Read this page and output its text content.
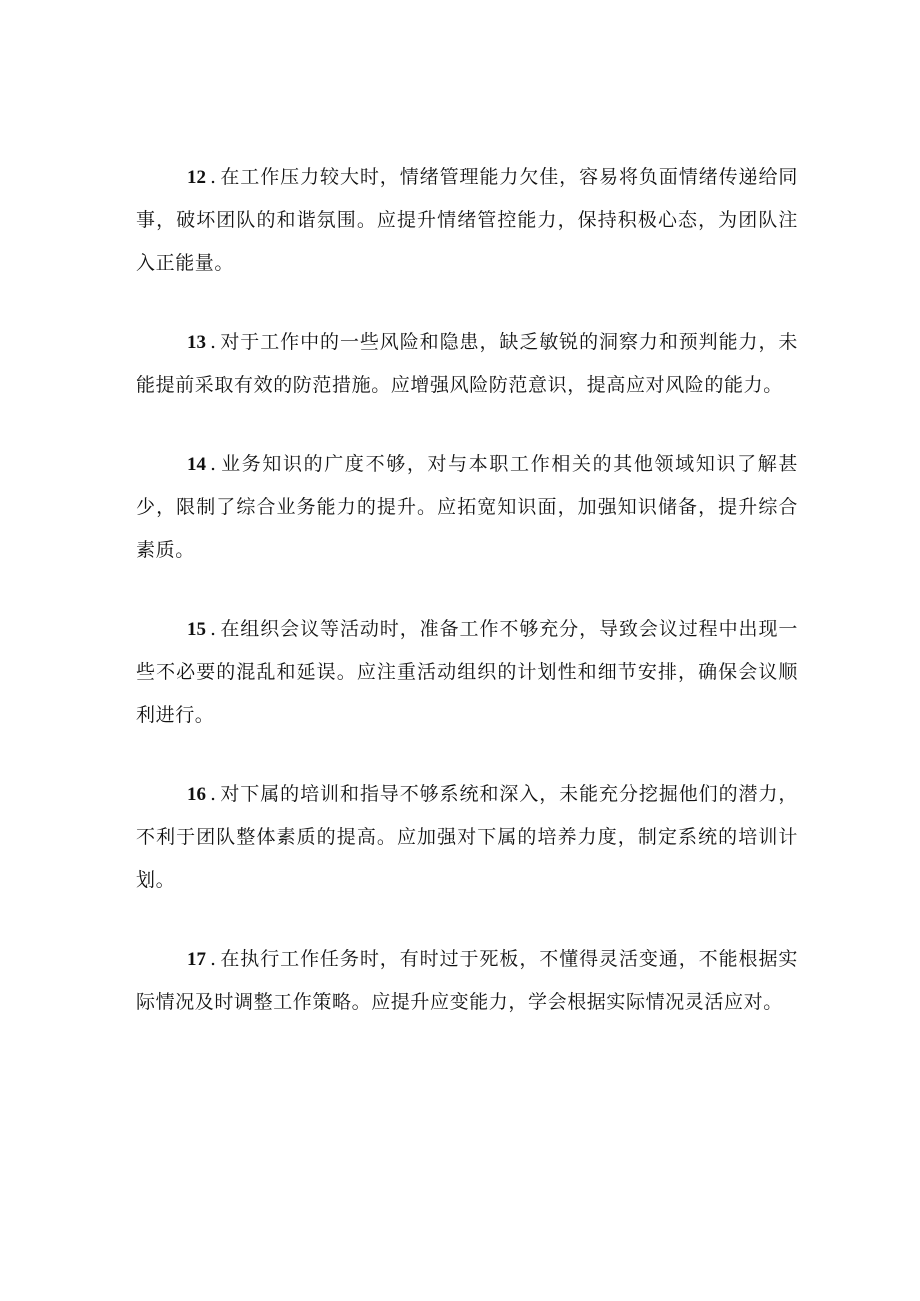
12 . 在工作压力较大时，情绪管理能力欠佳，容易将负面情绪传递给同事，破坏团队的和谐氛围。应提升情绪管控能力，保持积极心态，为团队注入正能量。

13 . 对于工作中的一些风险和隐患，缺乏敏锐的洞察力和预判能力，未能提前采取有效的防范措施。应增强风险防范意识，提高应对风险的能力。

14 . 业务知识的广度不够，对与本职工作相关的其他领域知识了解甚少，限制了综合业务能力的提升。应拓宽知识面，加强知识储备，提升综合素质。

15 . 在组织会议等活动时，准备工作不够充分，导致会议过程中出现一些不必要的混乱和延误。应注重活动组织的计划性和细节安排，确保会议顺利进行。

16 . 对下属的培训和指导不够系统和深入，未能充分挖掘他们的潜力，不利于团队整体素质的提高。应加强对下属的培养力度，制定系统的培训计划。

17 . 在执行工作任务时，有时过于死板，不懂得灵活变通，不能根据实际情况及时调整工作策略。应提升应变能力，学会根据实际情况灵活应对。
